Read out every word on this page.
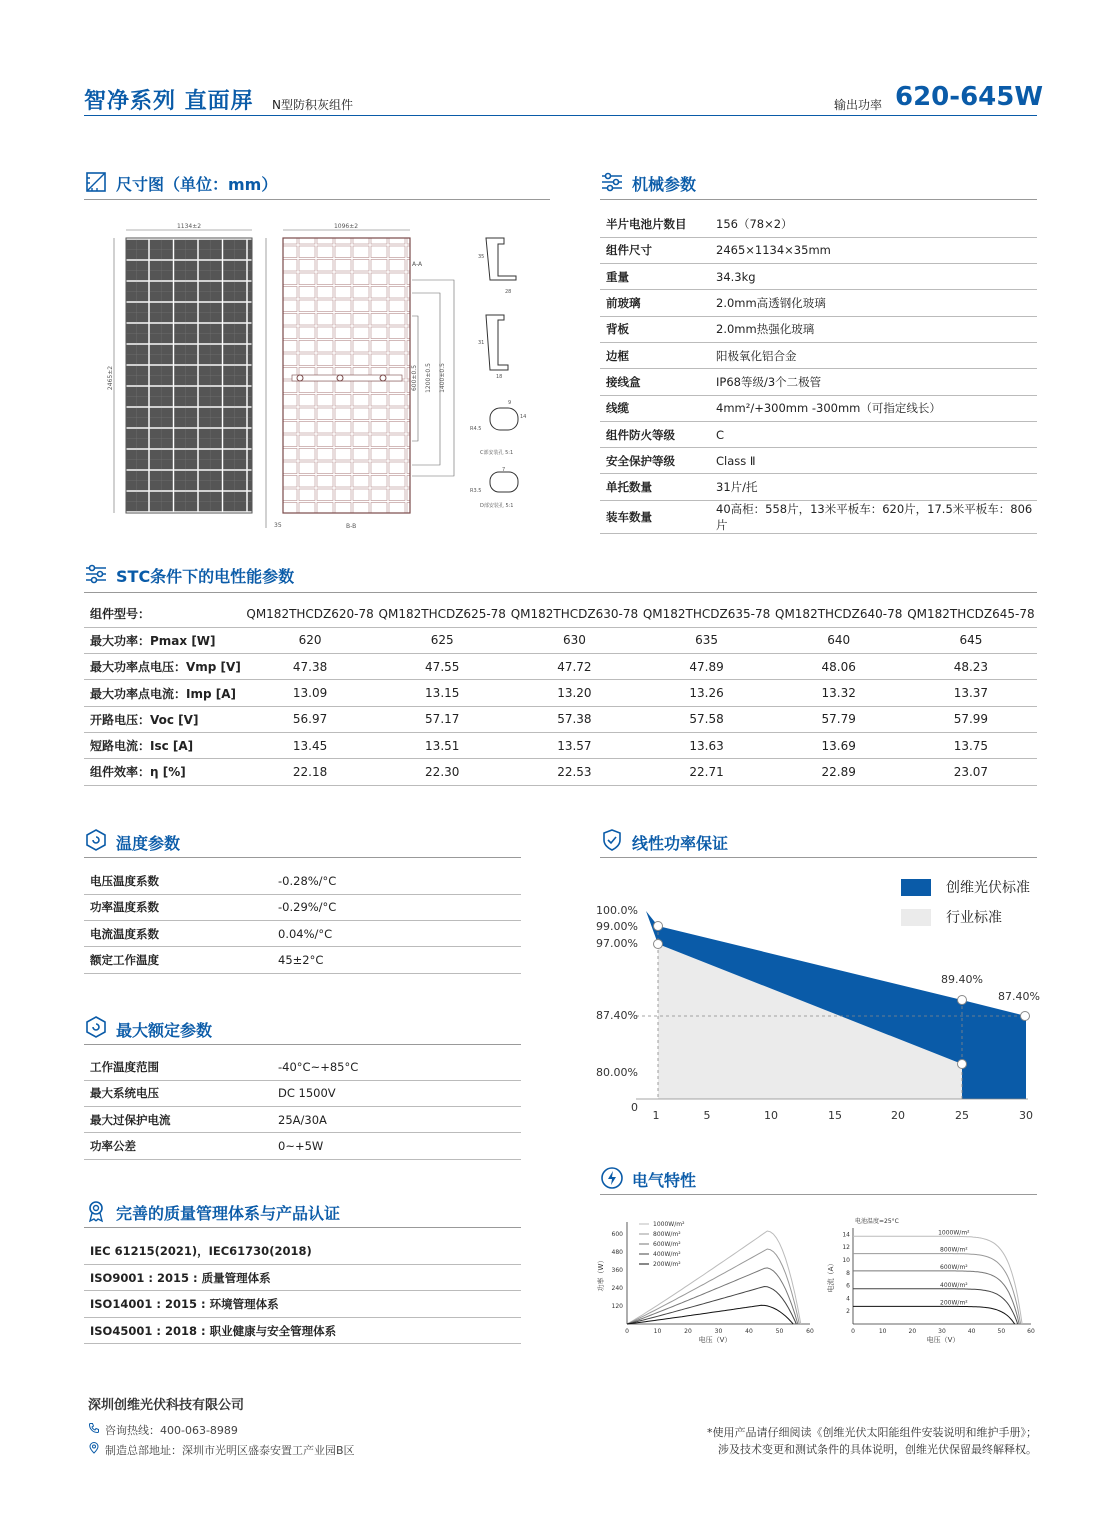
智净系列 直面屏 N型防积灰组件	输出功率 620-645W
尺寸图（单位：mm）
1134±2
2465±2
35
1096±2
A-A
B-B
600±0.5 1200±0.5 1400±0.5
35
28
31
18
R4.5
9
14
C部安装孔 5:1
R3.5
7
D部安装孔 5:1
机械参数
半片电池片数目	156（78×2）
组件尺寸	2465×1134×35mm
重量	34.3kg
前玻璃	2.0mm高透钢化玻璃
背板	2.0mm热强化玻璃
边框	阳极氧化铝合金
接线盒	IP68等级/3个二极管
线缆	4mm²/+300mm -300mm（可指定线长）
组件防火等级	C
安全保护等级	Class Ⅱ
单托数量	31片/托
装车数量	40高柜：558片，13米平板车：620片，17.5米平板车：806片
STC条件下的电性能参数
组件型号：	QM182THCDZ620-78	QM182THCDZ625-78	QM182THCDZ630-78	QM182THCDZ635-78	QM182THCDZ640-78	QM182THCDZ645-78
最大功率：Pmax [W]	620	625	630	635	640	645
最大功率点电压：Vmp [V]	47.38	47.55	47.72	47.89	48.06	48.23
最大功率点电流：Imp [A]	13.09	13.15	13.20	13.26	13.32	13.37
开路电压：Voc [V]	56.97	57.17	57.38	57.58	57.79	57.99
短路电流：Isc [A]	13.45	13.51	13.57	13.63	13.69	13.75
组件效率：η [%]	22.18	22.30	22.53	22.71	22.89	23.07
温度参数
电压温度系数	-0.28%/°C
功率温度系数	-0.29%/°C
电流温度系数	0.04%/°C
额定工作温度	45±2°C
最大额定参数
工作温度范围	-40°C~+85°C
最大系统电压	DC 1500V
最大过保护电流	25A/30A
功率公差	0~+5W
完善的质量管理体系与产品认证
IEC 61215(2021)，IEC61730(2018)
ISO9001 : 2015 : 质量管理体系
ISO14001 : 2015 : 环境管理体系
ISO45001 : 2018 : 职业健康与安全管理体系
线性功率保证
创维光伏标准
行业标准
100.0%
99.00%
97.00%
87.40%
80.00%
0
1	5	10	15	20	25	30
89.40%
87.40%
电气特性
功率（W）
电压（V）
600
480
360
240
120
0	10	20	30	40	50	60
1000W/m²
800W/m²
600W/m²
400W/m²
200W/m²
电池温度=25°C
电流（A）
电压（V）
14
12
10
8
6
4
2
0	10	20	30	40	50	60
1000W/m²
800W/m²
600W/m²
400W/m²
200W/m²
深圳创维光伏科技有限公司
咨询热线：400-063-8989
制造总部地址：深圳市光明区盛泰安置工产业园B区
*使用产品请仔细阅读《创维光伏太阳能组件安装说明和维护手册》；
涉及技术变更和测试条件的具体说明，创维光伏保留最终解释权。
